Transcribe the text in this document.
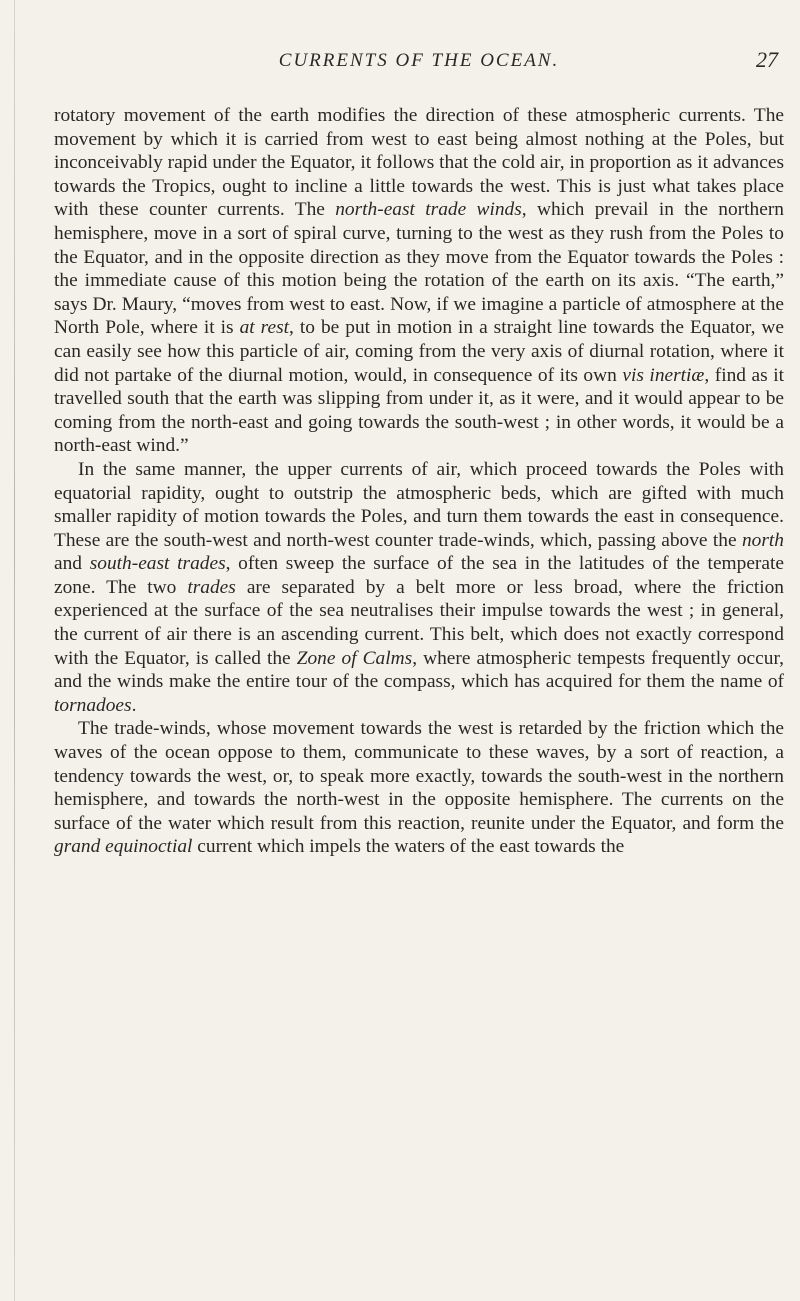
CURRENTS OF THE OCEAN.	27

rotatory movement of the earth modifies the direction of these atmospheric currents. The movement by which it is carried from west to east being almost nothing at the Poles, but inconceivably rapid under the Equator, it follows that the cold air, in proportion as it advances towards the Tropics, ought to incline a little towards the west. This is just what takes place with these counter currents. The north-east trade winds, which prevail in the northern hemisphere, move in a sort of spiral curve, turning to the west as they rush from the Poles to the Equator, and in the opposite direction as they move from the Equator towards the Poles : the immediate cause of this motion being the rotation of the earth on its axis. “The earth,” says Dr. Maury, “moves from west to east. Now, if we imagine a particle of atmosphere at the North Pole, where it is at rest, to be put in motion in a straight line towards the Equator, we can easily see how this particle of air, coming from the very axis of diurnal rotation, where it did not partake of the diurnal motion, would, in consequence of its own vis inertiæ, find as it travelled south that the earth was slipping from under it, as it were, and it would appear to be coming from the north-east and going towards the south-west ; in other words, it would be a north-east wind.”

In the same manner, the upper currents of air, which proceed towards the Poles with equatorial rapidity, ought to outstrip the atmospheric beds, which are gifted with much smaller rapidity of motion towards the Poles, and turn them towards the east in consequence. These are the south-west and north-west counter trade-winds, which, passing above the north and south-east trades, often sweep the surface of the sea in the latitudes of the temperate zone. The two trades are separated by a belt more or less broad, where the friction experienced at the surface of the sea neutralises their impulse towards the west ; in general, the current of air there is an ascending current. This belt, which does not exactly correspond with the Equator, is called the Zone of Calms, where atmospheric tempests frequently occur, and the winds make the entire tour of the compass, which has acquired for them the name of tornadoes.

The trade-winds, whose movement towards the west is retarded by the friction which the waves of the ocean oppose to them, communicate to these waves, by a sort of reaction, a tendency towards the west, or, to speak more exactly, towards the south-west in the northern hemisphere, and towards the north-west in the opposite hemisphere. The currents on the surface of the water which result from this reaction, reunite under the Equator, and form the grand equinoctial current which impels the waters of the east towards the
